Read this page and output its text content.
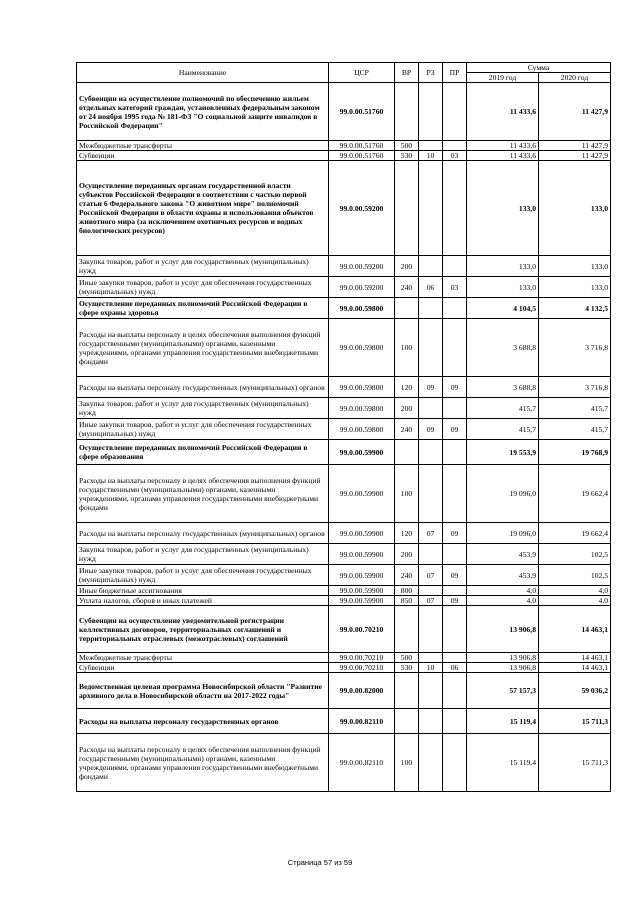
Наименование	ЦСР	ВР	РЗ	ПР	Сумма	
					2019 год	2020 год
Субвенции на осуществление полномочий по обеспечению жильем отдельных категорий граждан, установленных федеральным законом от 24 ноября 1995 года № 181-ФЗ "О социальной защите инвалидов в Российской Федерации"	99.0.00.51760				11 433,6	11 427,9
Межбюджетные трансферты	99.0.00.51760	500			11 433,6	11 427,9
Субвенции	99.0.00.51760	530	10	03	11 433,6	11 427,9
Осуществление переданных органам государственной власти субъектов Российской Федерации в соответствии с частью первой статьи 6 Федерального закона "О животном мире" полномочий Российской Федерации в области охраны и использования объектов животного мира (за исключением охотничьих ресурсов и водных биологических ресурсов)	99.0.00.59200				133,0	133,0
Закупка товаров, работ и услуг для государственных (муниципальных) нужд	99.0.00.59200	200			133,0	133,0
Иные закупки товаров, работ и услуг для обеспечения государственных (муниципальных) нужд	99.0.00.59200	240	06	03	133,0	133,0
Осуществление переданных полномочий Российской Федерации в сфере охраны здоровья	99.0.00.59800				4 104,5	4 132,5
Расходы на выплаты персоналу в целях обеспечения выполнения функций государственными (муниципальными) органами, казенными учреждениями, органами управления государственными внебюджетными фондами	99.0.00.59800	100			3 688,8	3 716,8
Расходы на выплаты персоналу государственных (муниципальных) органов	99.0.00.59800	120	09	09	3 688,8	3 716,8
Закупка товаров, работ и услуг для государственных (муниципальных) нужд	99.0.00.59800	200			415,7	415,7
Иные закупки товаров, работ и услуг для обеспечения государственных (муниципальных) нужд	99.0.00.59800	240	09	09	415,7	415,7
Осуществление переданных полномочий Российской Федерации в сфере образования	99.0.00.59900				19 553,9	19 768,9
Расходы на выплаты персоналу в целях обеспечения выполнения функций государственными (муниципальными) органами, казенными учреждениями, органами управления государственными внебюджетными фондами	99.0.00.59900	100			19 096,0	19 662,4
Расходы на выплаты персоналу государственных (муниципальных) органов	99.0.00.59900	120	07	09	19 096,0	19 662,4
Закупка товаров, работ и услуг для государственных (муниципальных) нужд	99.0.00.59900	200			453,9	102,5
Иные закупки товаров, работ и услуг для обеспечения государственных (муниципальных) нужд	99.0.00.59900	240	07	09	453,9	102,5
Иные бюджетные ассигнования	99.0.00.59900	800			4,0	4,0
Уплата налогов, сборов и иных платежей	99.0.00.59900	850	07	09	4,0	4,0
Субвенции на осуществление уведомительной регистрации коллективных договоров, территориальных соглашений и территориальных отраслевых (межотраслевых) соглашений	99.0.00.70210				13 906,8	14 463,1
Межбюджетные трансферты	99.0.00.70210	500			13 906,8	14 463,1
Субвенции	99.0.00.70210	530	10	06	13 906,8	14 463,1
Ведомственная целевая программа Новосибирской области "Развитие архивного дела в Новосибирской области на 2017-2022 годы"	99.0.00.82000				57 157,3	59 036,2
Расходы на выплаты персоналу государственных органов	99.0.00.82110				15 119,4	15 711,3
Расходы на выплаты персоналу в целях обеспечения выполнения функций государственными (муниципальными) органами, казенными учреждениями, органами управления государственными внебюджетными фондами	99.0.00.82110	100			15 119,4	15 711,3
Страница 57 из 59
